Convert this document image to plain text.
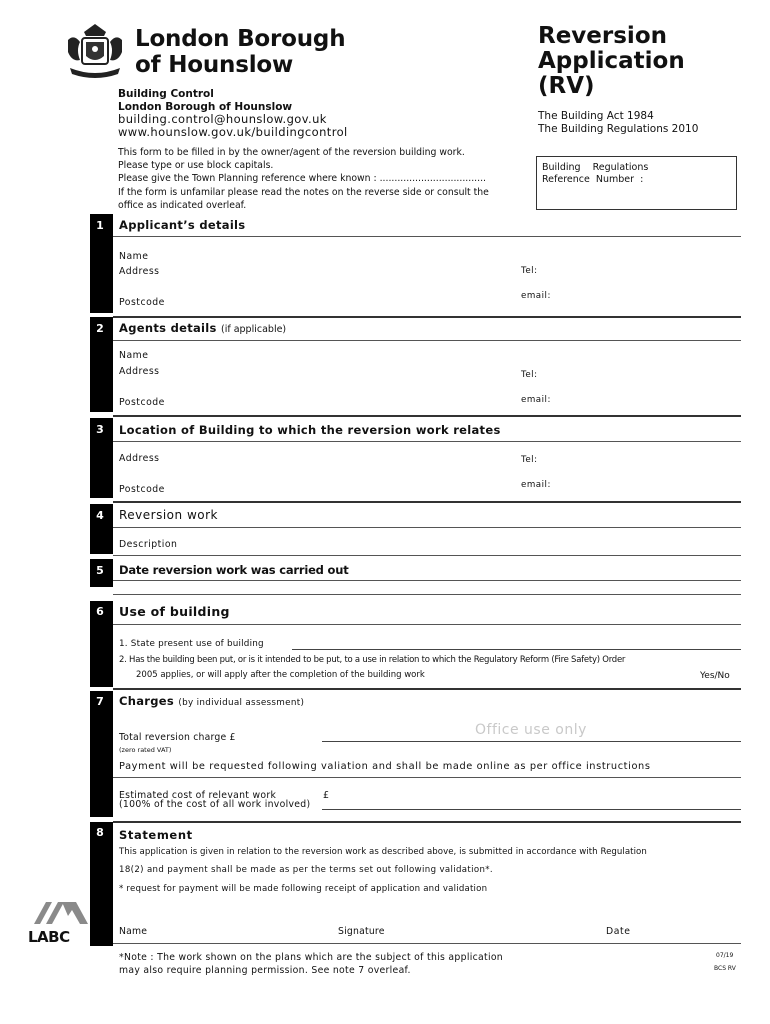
London Borough
of Hounslow
Building Control
London Borough of Hounslow
building.control@hounslow.gov.uk
www.hounslow.gov.uk/buildingcontrol
Reversion
Application
(RV)
The Building Act 1984
The Building Regulations 2010
This form to be filled in by the owner/agent of the reversion building work.
Please type or use block capitals.
Please give the Town Planning reference where known : ....................................
If the form is unfamilar please read the notes on the reverse side or consult the
office as indicated overleaf.
Building    Regulations
Reference  Number  :
1	Applicant’s details
Name
Address	Tel:
email:
Postcode
2	Agents details (if applicable)
Name
Address	Tel:
email:
Postcode
3	Location of Building to which the reversion work relates
Address	Tel:
email:
Postcode
4	Reversion work
Description
5	Date reversion work was carried out
6	Use of building
1. State present use of building
2. Has the building been put, or is it intended to be put, to a use in relation to which the Regulatory Reform (Fire Safety) Order
2005 applies, or will apply after the completion of the building work	Yes/No
7	Charges (by individual assessment)
Office use only
Total reversion charge £
(zero rated VAT)
Payment will be requested following valiation and shall be made online as per office instructions
Estimated cost of relevant work
(100% of the cost of all work involved)
£
8	Statement
This application is given in relation to the reversion work as described above, is submitted in accordance with Regulation
18(2) and payment shall be made as per the terms set out following validation*.
* request for payment will be made following receipt of application and validation
Name	Signature	Date
LABC
*Note : The work shown on the plans which are the subject of this application
may also require planning permission. See note 7 overleaf.
07/19
BCS RV
